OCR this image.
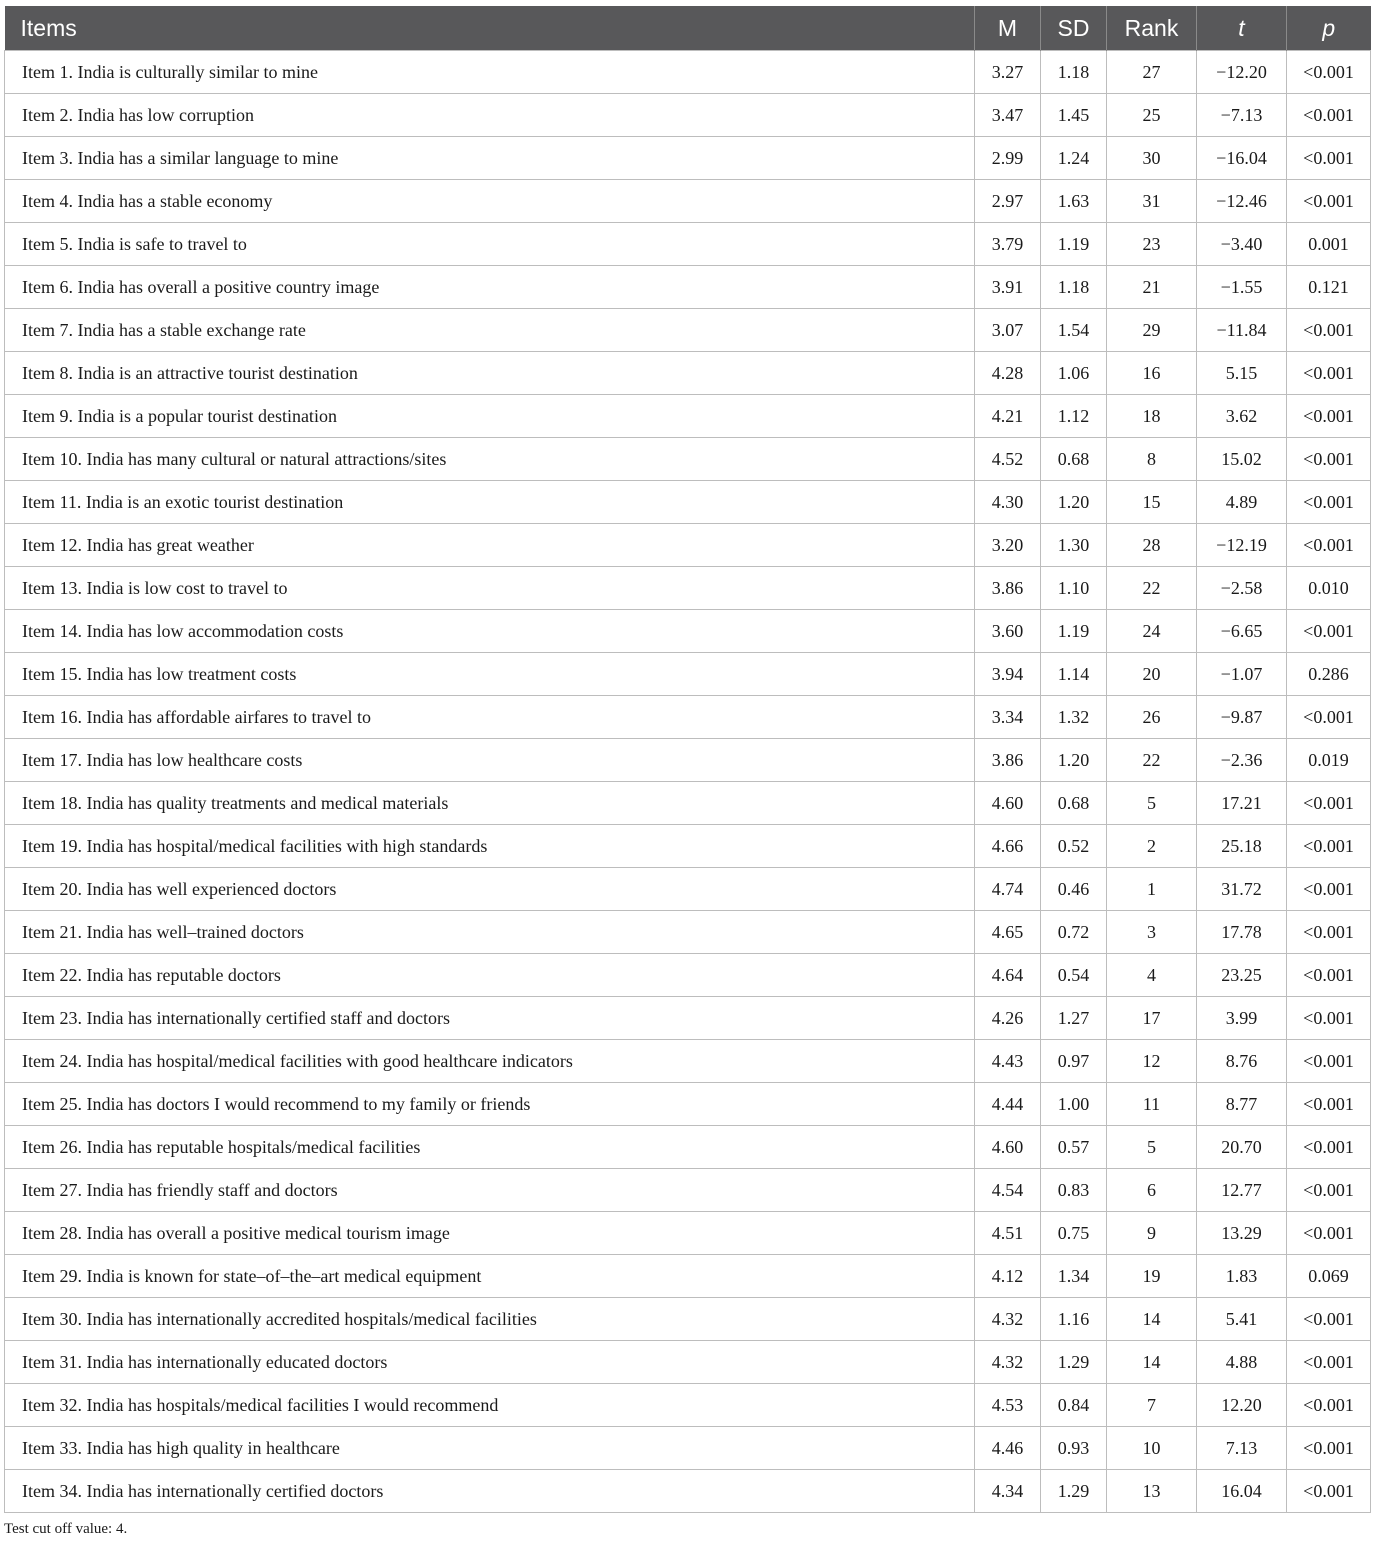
Items	M	SD	Rank	t	p
Item 1. India is culturally similar to mine	3.27	1.18	27	−12.20	<0.001
Item 2. India has low corruption	3.47	1.45	25	−7.13	<0.001
Item 3. India has a similar language to mine	2.99	1.24	30	−16.04	<0.001
Item 4. India has a stable economy	2.97	1.63	31	−12.46	<0.001
Item 5. India is safe to travel to	3.79	1.19	23	−3.40	0.001
Item 6. India has overall a positive country image	3.91	1.18	21	−1.55	0.121
Item 7. India has a stable exchange rate	3.07	1.54	29	−11.84	<0.001
Item 8. India is an attractive tourist destination	4.28	1.06	16	5.15	<0.001
Item 9. India is a popular tourist destination	4.21	1.12	18	3.62	<0.001
Item 10. India has many cultural or natural attractions/sites	4.52	0.68	8	15.02	<0.001
Item 11. India is an exotic tourist destination	4.30	1.20	15	4.89	<0.001
Item 12. India has great weather	3.20	1.30	28	−12.19	<0.001
Item 13. India is low cost to travel to	3.86	1.10	22	−2.58	0.010
Item 14. India has low accommodation costs	3.60	1.19	24	−6.65	<0.001
Item 15. India has low treatment costs	3.94	1.14	20	−1.07	0.286
Item 16. India has affordable airfares to travel to	3.34	1.32	26	−9.87	<0.001
Item 17. India has low healthcare costs	3.86	1.20	22	−2.36	0.019
Item 18. India has quality treatments and medical materials	4.60	0.68	5	17.21	<0.001
Item 19. India has hospital/medical facilities with high standards	4.66	0.52	2	25.18	<0.001
Item 20. India has well experienced doctors	4.74	0.46	1	31.72	<0.001
Item 21. India has well–trained doctors	4.65	0.72	3	17.78	<0.001
Item 22. India has reputable doctors	4.64	0.54	4	23.25	<0.001
Item 23. India has internationally certified staff and doctors	4.26	1.27	17	3.99	<0.001
Item 24. India has hospital/medical facilities with good healthcare indicators	4.43	0.97	12	8.76	<0.001
Item 25. India has doctors I would recommend to my family or friends	4.44	1.00	11	8.77	<0.001
Item 26. India has reputable hospitals/medical facilities	4.60	0.57	5	20.70	<0.001
Item 27. India has friendly staff and doctors	4.54	0.83	6	12.77	<0.001
Item 28. India has overall a positive medical tourism image	4.51	0.75	9	13.29	<0.001
Item 29. India is known for state–of–the–art medical equipment	4.12	1.34	19	1.83	0.069
Item 30. India has internationally accredited hospitals/medical facilities	4.32	1.16	14	5.41	<0.001
Item 31. India has internationally educated doctors	4.32	1.29	14	4.88	<0.001
Item 32. India has hospitals/medical facilities I would recommend	4.53	0.84	7	12.20	<0.001
Item 33. India has high quality in healthcare	4.46	0.93	10	7.13	<0.001
Item 34. India has internationally certified doctors	4.34	1.29	13	16.04	<0.001
Test cut off value: 4.
